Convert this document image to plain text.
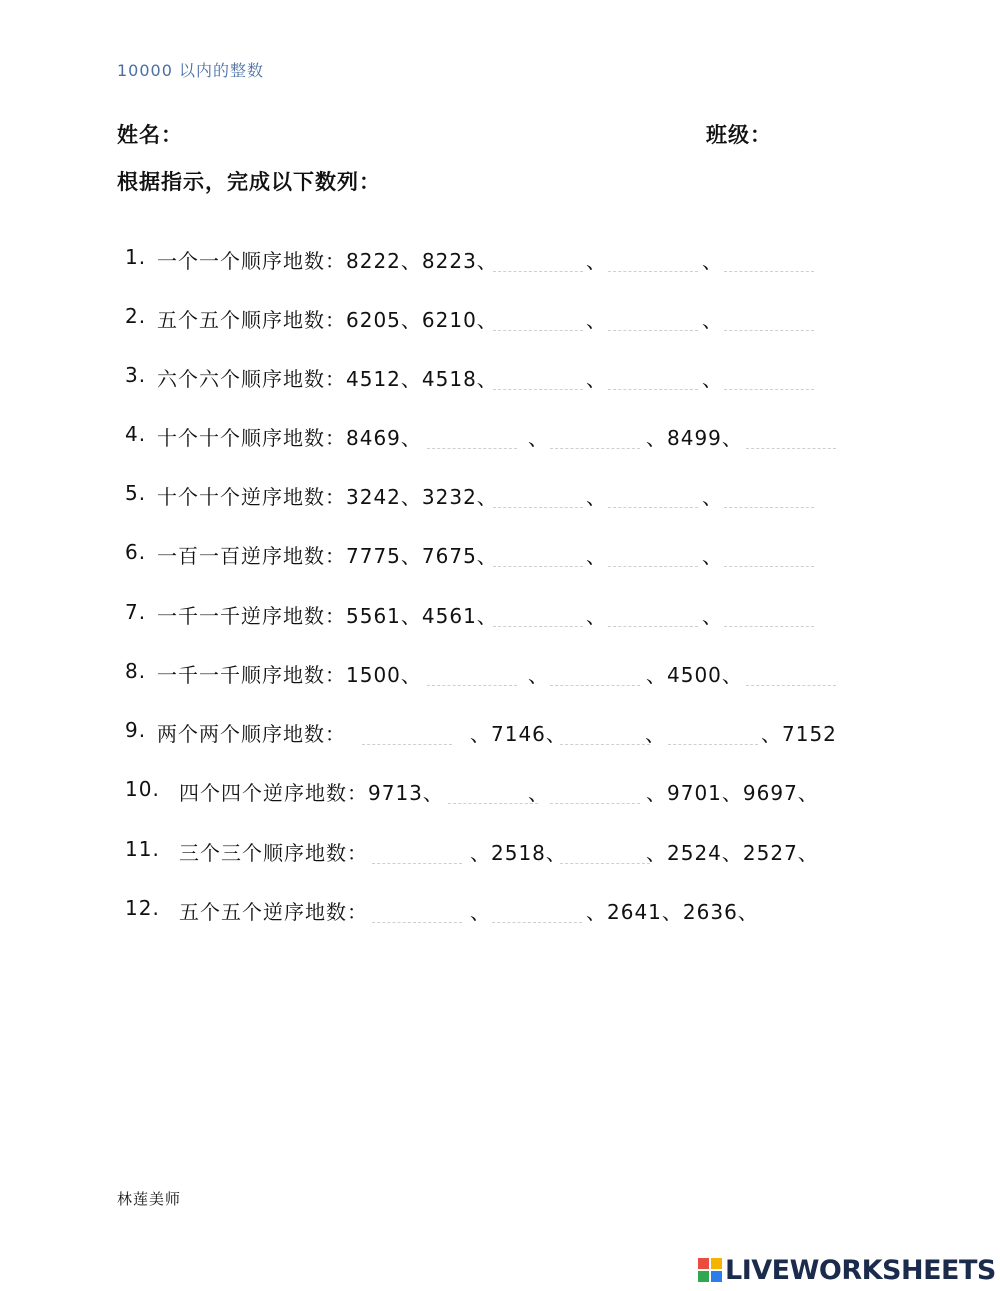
10000 以内的整数
姓名：	班级：
根据指示，完成以下数列：
1. 一个一个顺序地数：8222、8223、	、	、
2. 五个五个顺序地数：6205、6210、	、	、
3. 六个六个顺序地数：4512、4518、	、	、
4. 十个十个顺序地数：8469、	、	、8499、
5. 十个十个逆序地数：3242、3232、	、	、
6. 一百一百逆序地数：7775、7675、	、	、
7. 一千一千逆序地数：5561、4561、	、	、
8. 一千一千顺序地数：1500、	、	、4500、
9. 两个两个顺序地数：	、7146、	、	、7152
10. 四个四个逆序地数：9713、	、	、9701、9697、
11. 三个三个顺序地数：	、2518、	、2524、2527、
12. 五个五个逆序地数：	、	、2641、2636、
林莲美师
LIVEWORKSHEETS
